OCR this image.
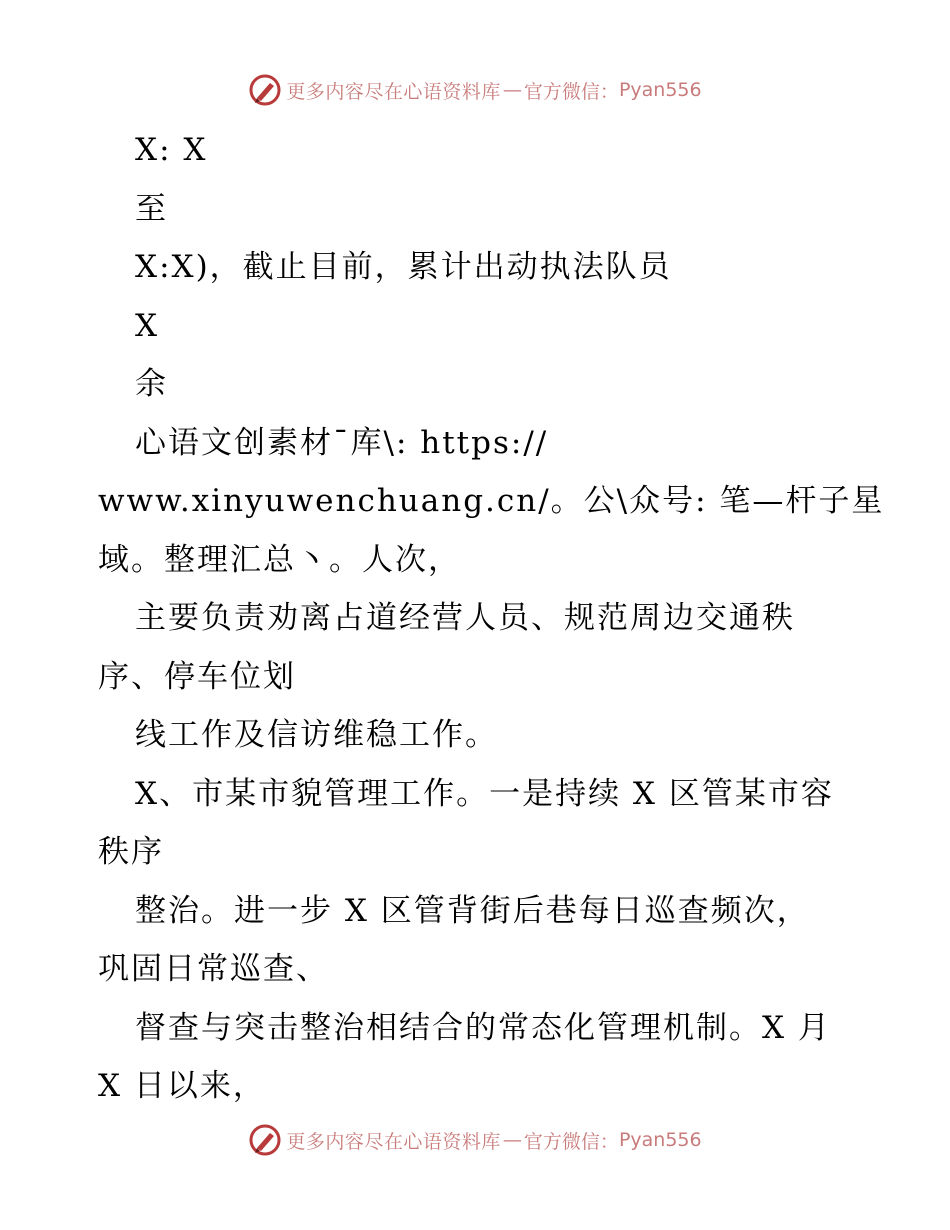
更多内容尽在心语资料库 — 官方微信： Pyan556
X: X
至
X:X)，截止目前，累计出动执法队员
X
余
心语文创素材¯库\: https://
www.xinyuwenchuang.cn/。公\众号: 笔—杆子星
域。整理汇总丶。人次，
主要负责劝离占道经营人员、规范周边交通秩
序、停车位划
线工作及信访维稳工作。
X、市某市貌管理工作。一是持续 X 区管某市容
秩序
整治。进一步 X 区管背街后巷每日巡查频次，
巩固日常巡查、
督查与突击整治相结合的常态化管理机制。X 月
X 日以来，
更多内容尽在心语资料库 — 官方微信： Pyan556
